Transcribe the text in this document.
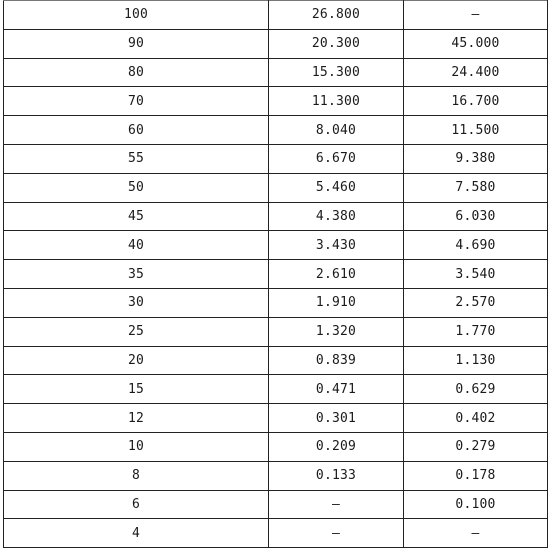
100	26.800	—
90	20.300	45.000
80	15.300	24.400
70	11.300	16.700
60	8.040	11.500
55	6.670	9.380
50	5.460	7.580
45	4.380	6.030
40	3.430	4.690
35	2.610	3.540
30	1.910	2.570
25	1.320	1.770
20	0.839	1.130
15	0.471	0.629
12	0.301	0.402
10	0.209	0.279
8	0.133	0.178
6	—	0.100
4	—	—
